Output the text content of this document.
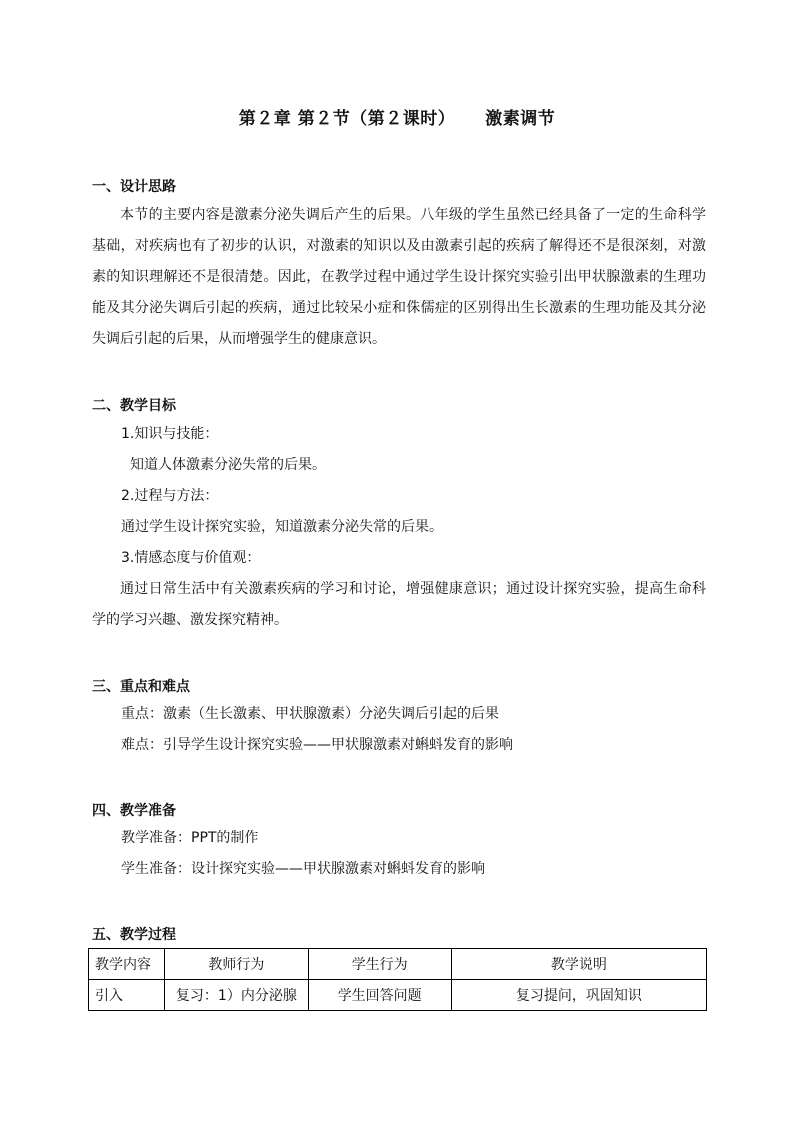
第２章 第２节（第２课时） 激素调节
一、设计思路
本节的主要内容是激素分泌失调后产生的后果。八年级的学生虽然已经具备了一定的生命科学基础，对疾病也有了初步的认识，对激素的知识以及由激素引起的疾病了解得还不是很深刻，对激素的知识理解还不是很清楚。因此，在教学过程中通过学生设计探究实验引出甲状腺激素的生理功能及其分泌失调后引起的疾病，通过比较呆小症和侏儒症的区别得出生长激素的生理功能及其分泌失调后引起的后果，从而增强学生的健康意识。
二、教学目标
1.知识与技能：
知道人体激素分泌失常的后果。
2.过程与方法：
通过学生设计探究实验，知道激素分泌失常的后果。
3.情感态度与价值观：
通过日常生活中有关激素疾病的学习和讨论，增强健康意识；通过设计探究实验，提高生命科学的学习兴趣、激发探究精神。
三、重点和难点
重点：激素（生长激素、甲状腺激素）分泌失调后引起的后果
难点：引导学生设计探究实验——甲状腺激素对蝌蚪发育的影响
四、教学准备
教学准备：PPT的制作
学生准备：设计探究实验——甲状腺激素对蝌蚪发育的影响
五、教学过程
教学内容	教师行为	学生行为	教学说明
引入	复习：1）内分泌腺	学生回答问题	复习提问，巩固知识
